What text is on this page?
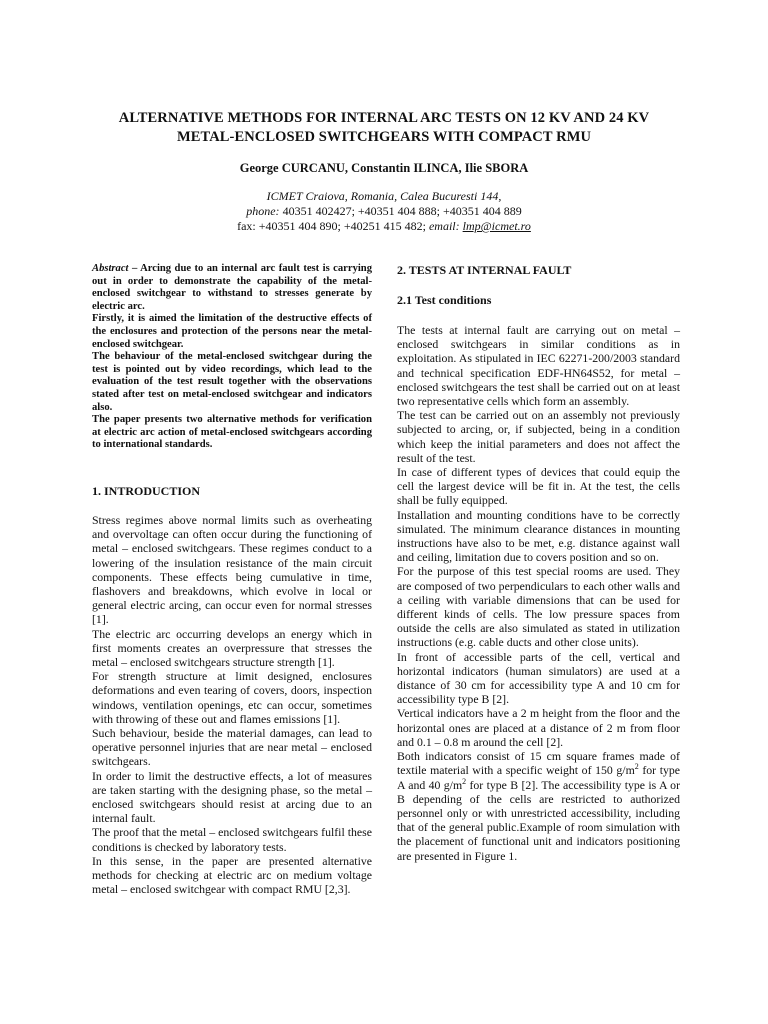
ALTERNATIVE METHODS FOR INTERNAL ARC TESTS ON 12 KV AND 24 KV
METAL-ENCLOSED SWITCHGEARS WITH COMPACT RMU
George CURCANU, Constantin ILINCA, Ilie SBORA
ICMET Craiova, Romania, Calea Bucuresti 144,
phone: 40351 402427; +40351 404 888; +40351 404 889
fax: +40351 404 890; +40251 415 482; email: lmp@icmet.ro

Abstract – Arcing due to an internal arc fault test is carrying out in order to demonstrate the capability of the metal-enclosed switchgear to withstand to stresses generate by electric arc.

Firstly, it is aimed the limitation of the destructive effects of the enclosures and protection of the persons near the metal-enclosed switchgear.

The behaviour of the metal-enclosed switchgear during the test is pointed out by video recordings, which lead to the evaluation of the test result together with the observations stated after test on metal-enclosed switchgear and indicators also.

The paper presents two alternative methods for verification at electric arc action of metal-enclosed switchgears according to international standards.

1. INTRODUCTION

Stress regimes above normal limits such as overheating and overvoltage can often occur during the functioning of metal – enclosed switchgears. These regimes conduct to a lowering of the insulation resistance of the main circuit components. These effects being cumulative in time, flashovers and breakdowns, which evolve in local or general electric arcing, can occur even for normal stresses [1].

The electric arc occurring develops an energy which in first moments creates an overpressure that stresses the metal – enclosed switchgears structure strength [1].

For strength structure at limit designed, enclosures deformations and even tearing of covers, doors, inspection windows, ventilation openings, etc can occur, sometimes with throwing of these out and flames emissions [1].

Such behaviour, beside the material damages, can lead to operative personnel injuries that are near metal – enclosed switchgears.

In order to limit the destructive effects, a lot of measures are taken starting with the designing phase, so the metal – enclosed switchgears should resist at arcing due to an internal fault.

The proof that the metal – enclosed switchgears fulfil these conditions is checked by laboratory tests.

In this sense, in the paper are presented alternative methods for checking at electric arc on medium voltage metal – enclosed switchgear with compact RMU [2,3].

2. TESTS AT INTERNAL FAULT

2.1 Test conditions

The tests at internal fault are carrying out on metal – enclosed switchgears in similar conditions as in exploitation. As stipulated in IEC 62271-200/2003 standard and technical specification EDF-HN64S52, for metal – enclosed switchgears the test shall be carried out on at least two representative cells which form an assembly.

The test can be carried out on an assembly not previously subjected to arcing, or, if subjected, being in a condition which keep the initial parameters and does not affect the result of the test.

In case of different types of devices that could equip the cell the largest device will be fit in. At the test, the cells shall be fully equipped.

Installation and mounting conditions have to be correctly simulated. The minimum clearance distances in mounting instructions have also to be met, e.g. distance against wall and ceiling, limitation due to covers position and so on.

For the purpose of this test special rooms are used. They are composed of two perpendiculars to each other walls and a ceiling with variable dimensions that can be used for different kinds of cells. The low pressure spaces from outside the cells are also simulated as stated in utilization instructions (e.g. cable ducts and other close units).

In front of accessible parts of the cell, vertical and horizontal indicators (human simulators) are used at a distance of 30 cm for accessibility type A and 10 cm for accessibility type B [2].

Vertical indicators have a 2 m height from the floor and the horizontal ones are placed at a distance of 2 m from floor and 0.1 – 0.8 m around the cell [2].

Both indicators consist of 15 cm square frames made of textile material with a specific weight of 150 $g/m^2$ for type A and 40 $g/m^2$ for type B [2]. The accessibility type is A or B depending of the cells are restricted to authorized personnel only or with unrestricted accessibility, including that of the general public.Example of room simulation with the placement of functional unit and indicators positioning are presented in Figure 1.
